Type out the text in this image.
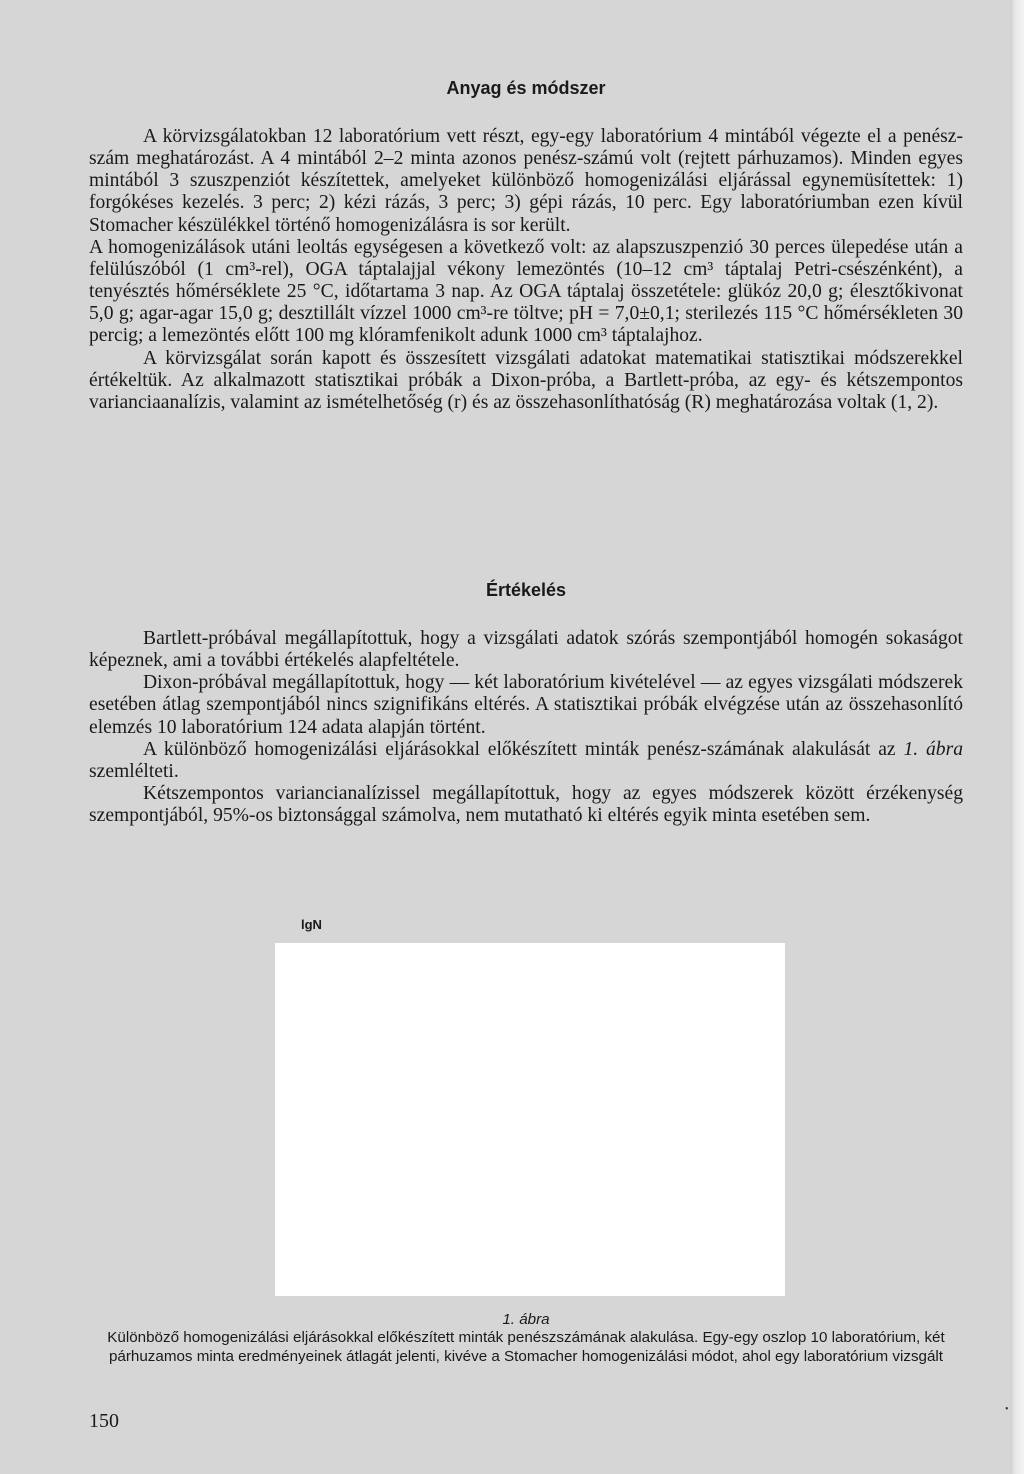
Anyag és módszer

A körvizsgálatokban 12 laboratórium vett részt, egy-egy laboratórium 4 mintából végezte el a penész-szám meghatározást. A 4 mintából 2–2 minta azonos penész-számú volt (rejtett párhuzamos). Minden egyes mintából 3 szuszpenziót készítettek, amelyeket különböző homogenizálási eljárással egynemüsítettek: 1) forgókéses kezelés. 3 perc; 2) kézi rázás, 3 perc; 3) gépi rázás, 10 perc. Egy laboratóriumban ezen kívül Stomacher készülékkel történő homogenizálásra is sor került.

A homogenizálások utáni leoltás egységesen a következő volt: az alapszuszpenzió 30 perces ülepedése után a felülúszóból (1 cm³-rel), OGA táptalajjal vékony lemezöntés (10–12 cm³ táptalaj Petri-csészénként), a tenyésztés hőmérséklete 25 °C, időtartama 3 nap. Az OGA táptalaj összetétele: glükóz 20,0 g; élesztőkivonat 5,0 g; agar-agar 15,0 g; desztillált vízzel 1000 cm³-re töltve; pH = 7,0±0,1; sterilezés 115 °C hőmérsékleten 30 percig; a lemezöntés előtt 100 mg klóramfenikolt adunk 1000 cm³ táptalajhoz.

A körvizsgálat során kapott és összesített vizsgálati adatokat matematikai statisztikai módszerekkel értékeltük. Az alkalmazott statisztikai próbák a Dixon-próba, a Bartlett-próba, az egy- és kétszempontos varianciaanalízis, valamint az ismételhetőség (r) és az összehasonlíthatóság (R) meghatározása voltak (1, 2).

Értékelés

Bartlett-próbával megállapítottuk, hogy a vizsgálati adatok szórás szempontjából homogén sokaságot képeznek, ami a további értékelés alapfeltétele.

Dixon-próbával megállapítottuk, hogy — két laboratórium kivételével — az egyes vizsgálati módszerek esetében átlag szempontjából nincs szignifikáns eltérés. A statisztikai próbák elvégzése után az összehasonlító elemzés 10 laboratórium 124 adata alapján történt.

A különböző homogenizálási eljárásokkal előkészített minták penész-számának alakulását az 1. ábra szemlélteti.

Kétszempontos variancianalízissel megállapítottuk, hogy az egyes módszerek között érzékenység szempontjából, 95%-os biztonsággal számolva, nem mutatható ki eltérés egyik minta esetében sem.

lgN
1. ábra
Különböző homogenizálási eljárásokkal előkészített minták penészszámának alakulása. Egy-egy oszlop 10 laboratórium, két párhuzamos minta eredményeinek átlagát jelenti, kivéve a Stomacher homogenizálási módot, ahol egy laboratórium vizsgált
150
•
